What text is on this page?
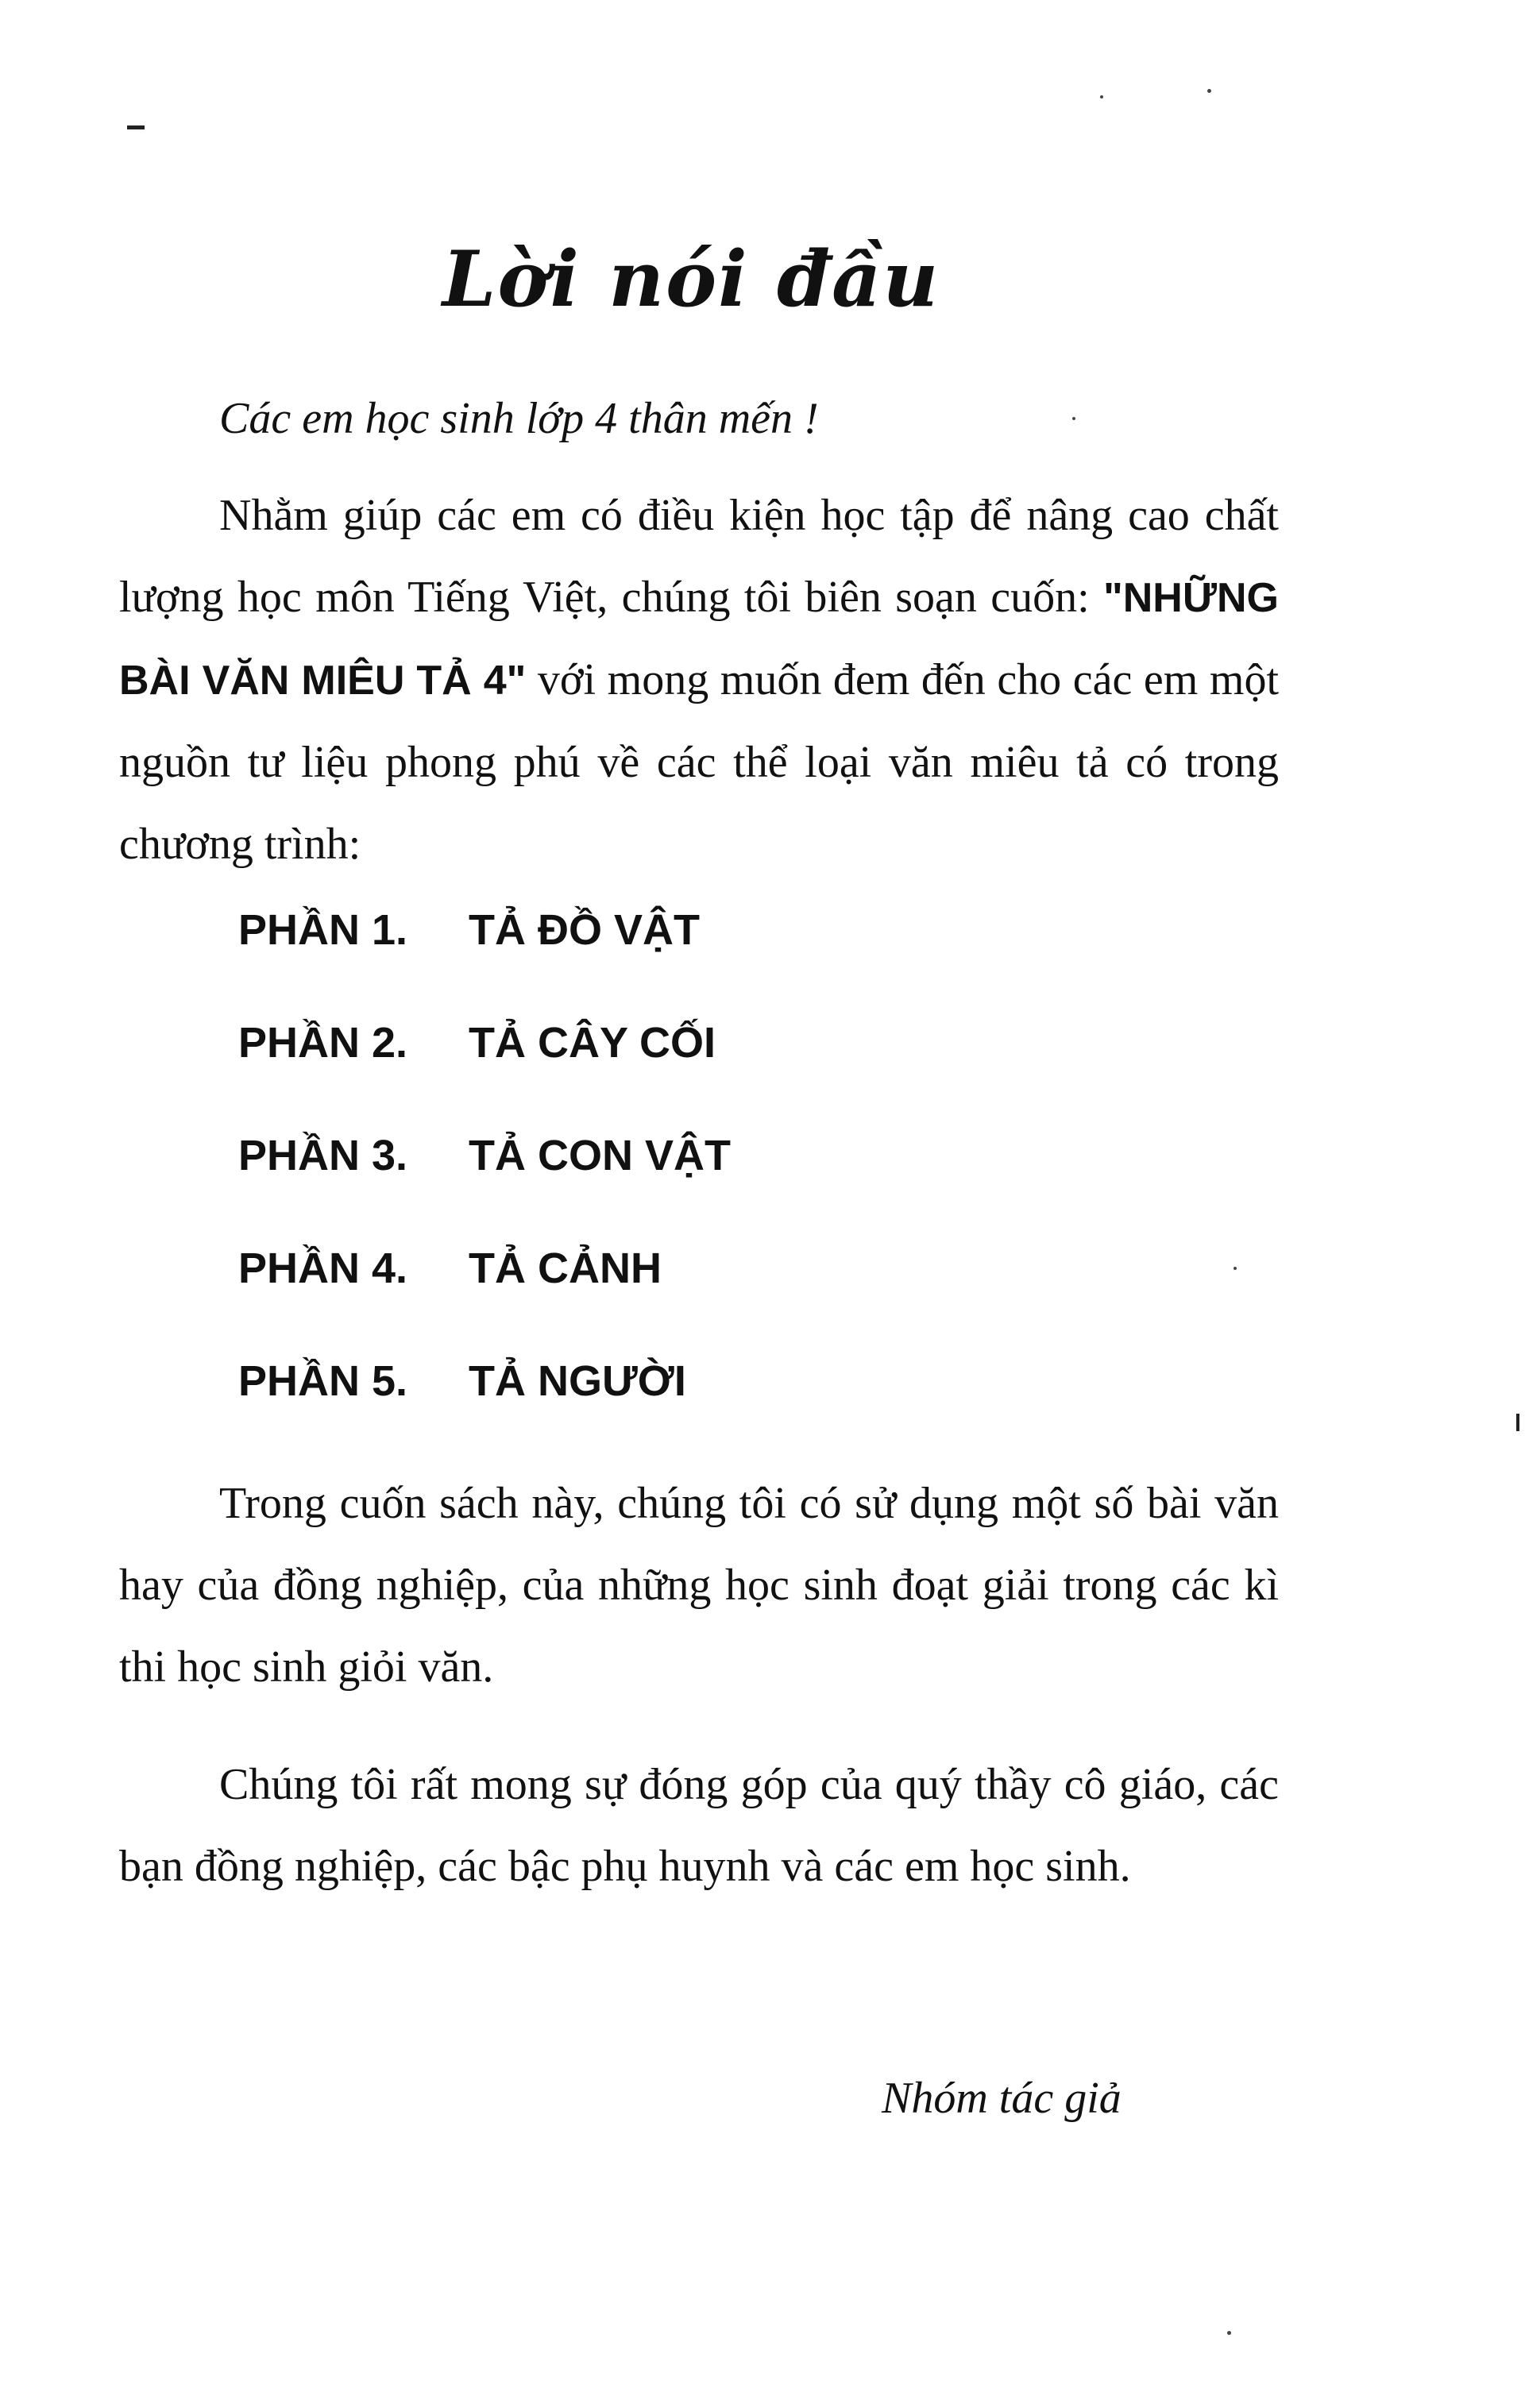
Lời nói đầu
Các em học sinh lớp 4 thân mến !

Nhằm giúp các em có điều kiện học tập để nâng cao chất lượng học môn Tiếng Việt, chúng tôi biên soạn cuốn: "NHỮNG BÀI VĂN MIÊU TẢ 4" với mong muốn đem đến cho các em một nguồn tư liệu phong phú về các thể loại văn miêu tả có trong chương trình:

PHẦN 1. TẢ ĐỒ VẬT
PHẦN 2. TẢ CÂY CỐI
PHẦN 3. TẢ CON VẬT
PHẦN 4. TẢ CẢNH
PHẦN 5. TẢ NGƯỜI

Trong cuốn sách này, chúng tôi có sử dụng một số bài văn hay của đồng nghiệp, của những học sinh đoạt giải trong các kì thi học sinh giỏi văn.

Chúng tôi rất mong sự đóng góp của quý thầy cô giáo, các bạn đồng nghiệp, các bậc phụ huynh và các em học sinh.

Nhóm tác giả
